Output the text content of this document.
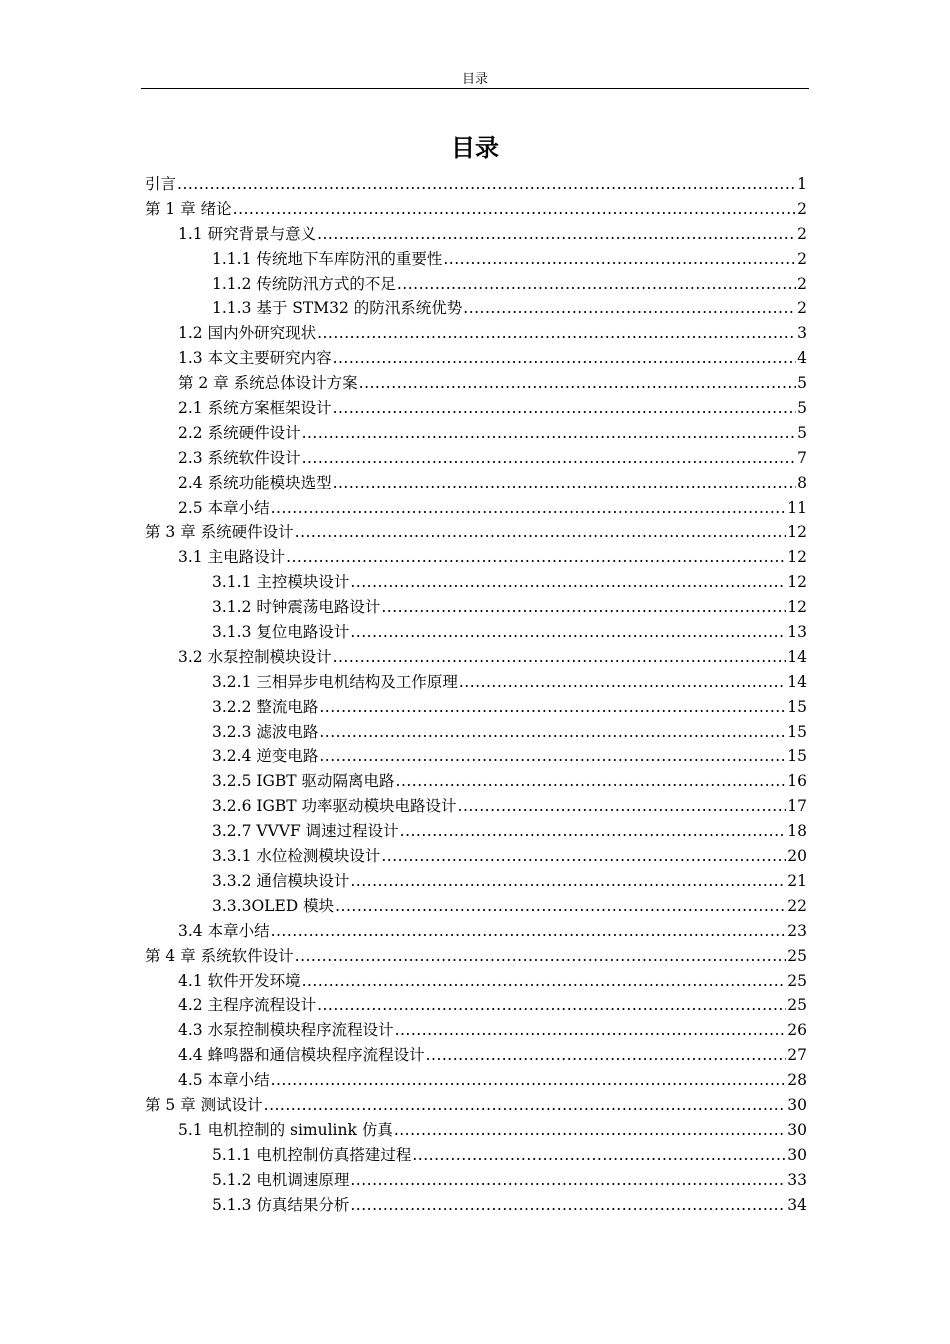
目录
目录
引言 .....	1
第 1 章 绪论 .....	2
1.1 研究背景与意义 .....	2
1.1.1 传统地下车库防汛的重要性 .....	2
1.1.2 传统防汛方式的不足 .....	2
1.1.3 基于 STM32 的防汛系统优势 .....	2
1.2 国内外研究现状 .....	3
1.3 本文主要研究内容 .....	4
第 2 章 系统总体设计方案 .....	5
2.1 系统方案框架设计 .....	5
2.2 系统硬件设计 .....	5
2.3 系统软件设计 .....	7
2.4 系统功能模块选型 .....	8
2.5 本章小结 .....	11
第 3 章 系统硬件设计 .....	12
3.1 主电路设计 .....	12
3.1.1 主控模块设计 .....	12
3.1.2 时钟震荡电路设计 .....	12
3.1.3 复位电路设计 .....	13
3.2 水泵控制模块设计 .....	14
3.2.1 三相异步电机结构及工作原理 .....	14
3.2.2 整流电路 .....	15
3.2.3 滤波电路 .....	15
3.2.4 逆变电路 .....	15
3.2.5 IGBT 驱动隔离电路 .....	16
3.2.6 IGBT 功率驱动模块电路设计 .....	17
3.2.7 VVVF 调速过程设计 .....	18
3.3.1 水位检测模块设计 .....	20
3.3.2 通信模块设计 .....	21
3.3.3OLED 模块 .....	22
3.4 本章小结 .....	23
第 4 章 系统软件设计 .....	25
4.1 软件开发环境 .....	25
4.2 主程序流程设计 .....	25
4.3 水泵控制模块程序流程设计 .....	26
4.4 蜂鸣器和通信模块程序流程设计 .....	27
4.5 本章小结 .....	28
第 5 章 测试设计 .....	30
5.1 电机控制的 simulink 仿真 .....	30
5.1.1 电机控制仿真搭建过程 .....	30
5.1.2 电机调速原理 .....	33
5.1.3 仿真结果分析 .....	34
